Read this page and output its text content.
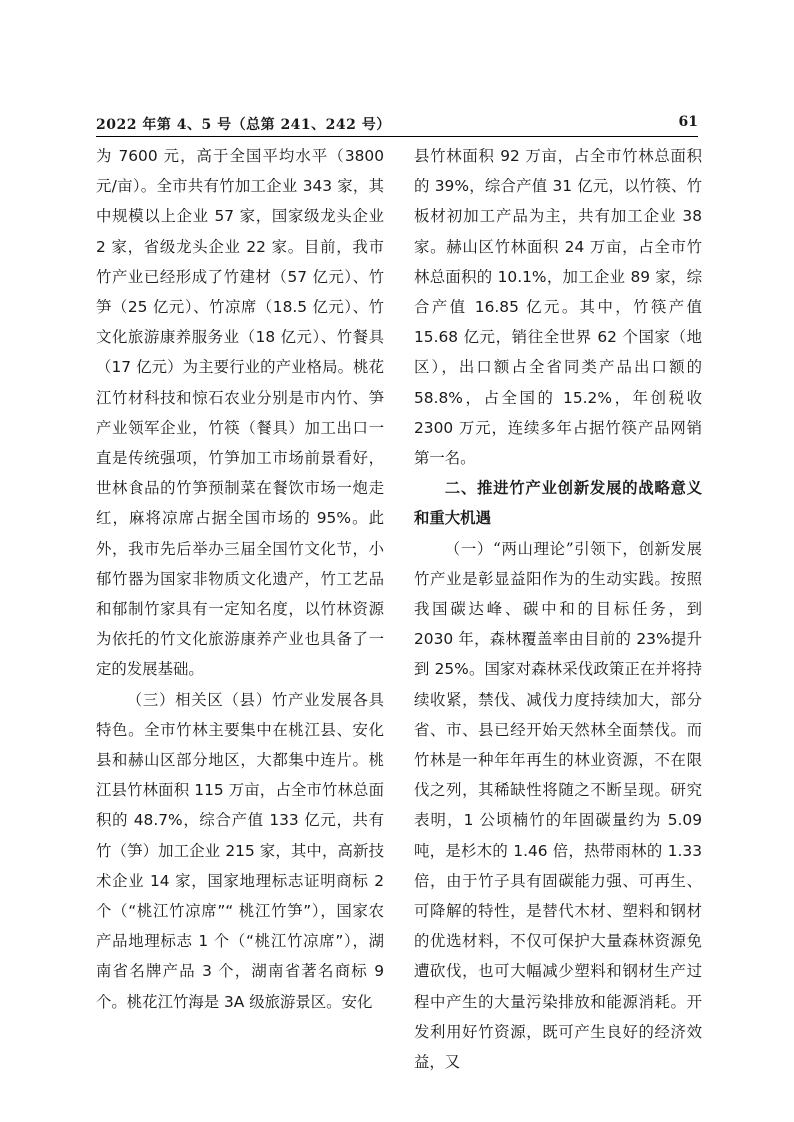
2022 年第 4、5 号（总第 241、242 号）	61

为 7600 元，高于全国平均水平（3800 元/亩）。全市共有竹加工企业 343 家，其中规模以上企业 57 家，国家级龙头企业 2 家，省级龙头企业 22 家。目前，我市竹产业已经形成了竹建材（57 亿元）、竹笋（25 亿元）、竹凉席（18.5 亿元）、竹文化旅游康养服务业（18 亿元）、竹餐具（17 亿元）为主要行业的产业格局。桃花江竹材科技和惊石农业分别是市内竹、笋产业领军企业，竹筷（餐具）加工出口一直是传统强项，竹笋加工市场前景看好，世林食品的竹笋预制菜在餐饮市场一炮走红，麻将凉席占据全国市场的 95%。此外，我市先后举办三届全国竹文化节，小郁竹器为国家非物质文化遗产，竹工艺品和郁制竹家具有一定知名度，以竹林资源为依托的竹文化旅游康养产业也具备了一定的发展基础。

（三）相关区（县）竹产业发展各具特色。全市竹林主要集中在桃江县、安化县和赫山区部分地区，大都集中连片。桃江县竹林面积 115 万亩，占全市竹林总面积的 48.7%，综合产值 133 亿元，共有竹（笋）加工企业 215 家，其中，高新技术企业 14 家，国家地理标志证明商标 2 个（“桃江竹凉席”“ 桃江竹笋”），国家农产品地理标志 1 个（“桃江竹凉席”），湖南省名牌产品 3 个，湖南省著名商标 9 个。桃花江竹海是 3A 级旅游景区。安化

县竹林面积 92 万亩，占全市竹林总面积的 39%，综合产值 31 亿元，以竹筷、竹板材初加工产品为主，共有加工企业 38 家。赫山区竹林面积 24 万亩，占全市竹林总面积的 10.1%，加工企业 89 家，综合产值 16.85 亿元。其中，竹筷产值 15.68 亿元，销往全世界 62 个国家（地区），出口额占全省同类产品出口额的 58.8%，占全国的 15.2%，年创税收 2300 万元，连续多年占据竹筷产品网销第一名。

二、推进竹产业创新发展的战略意义和重大机遇

（一）“两山理论”引领下，创新发展竹产业是彰显益阳作为的生动实践。按照我国碳达峰、碳中和的目标任务，到 2030 年，森林覆盖率由目前的 23%提升到 25%。国家对森林采伐政策正在并将持续收紧，禁伐、减伐力度持续加大，部分省、市、县已经开始天然林全面禁伐。而竹林是一种年年再生的林业资源，不在限伐之列，其稀缺性将随之不断呈现。研究表明，1 公顷楠竹的年固碳量约为 5.09 吨，是杉木的 1.46 倍，热带雨林的 1.33 倍，由于竹子具有固碳能力强、可再生、可降解的特性，是替代木材、塑料和钢材的优选材料，不仅可保护大量森林资源免遭砍伐，也可大幅减少塑料和钢材生产过程中产生的大量污染排放和能源消耗。开发利用好竹资源，既可产生良好的经济效益，又
